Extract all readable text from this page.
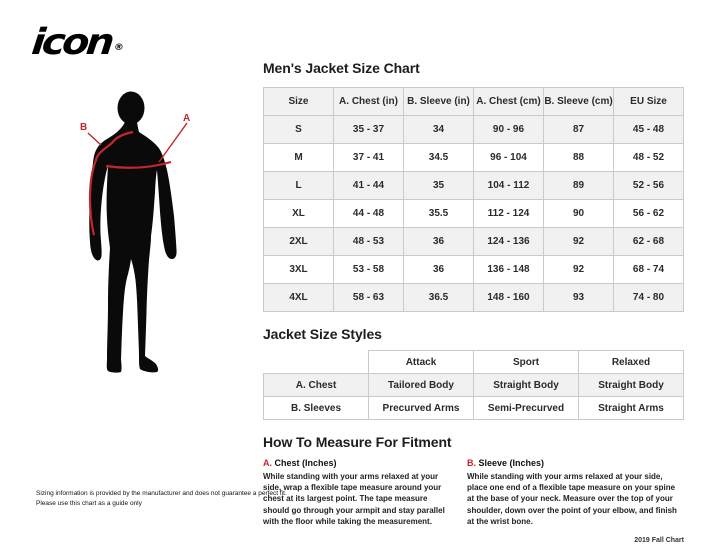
icon®
A
B
Men's Jacket Size Chart
Size	A. Chest (in)	B. Sleeve (in)	A. Chest (cm)	B. Sleeve (cm)	EU Size
S	35 - 37	34	90 - 96	87	45 - 48
M	37 - 41	34.5	96 - 104	88	48 - 52
L	41 - 44	35	104 - 112	89	52 - 56
XL	44 - 48	35.5	112 - 124	90	56 - 62
2XL	48 - 53	36	124 - 136	92	62 - 68
3XL	53 - 58	36	136 - 148	92	68 - 74
4XL	58 - 63	36.5	148 - 160	93	74 - 80
Jacket Size Styles
	Attack	Sport	Relaxed
A. Chest	Tailored Body	Straight Body	Straight Body
B. Sleeves	Precurved Arms	Semi-Precurved	Straight Arms
How To Measure For Fitment
A. Chest (Inches)

While standing with your arms relaxed at your side, wrap a flexible tape measure around your chest at its largest point. The tape measure should go through your armpit and stay parallel with the floor while taking the measurement.

B. Sleeve (Inches)

While standing with your arms relaxed at your side, place one end of a flexible tape measure on your spine at the base of your neck. Measure over the top of your shoulder, down over the point of your elbow, and finish at the wrist bone.

2019 Fall Chart
Sizing information is provided by the manufacturer and does not guarantee a perfect fit.
Please use this chart as a guide only
